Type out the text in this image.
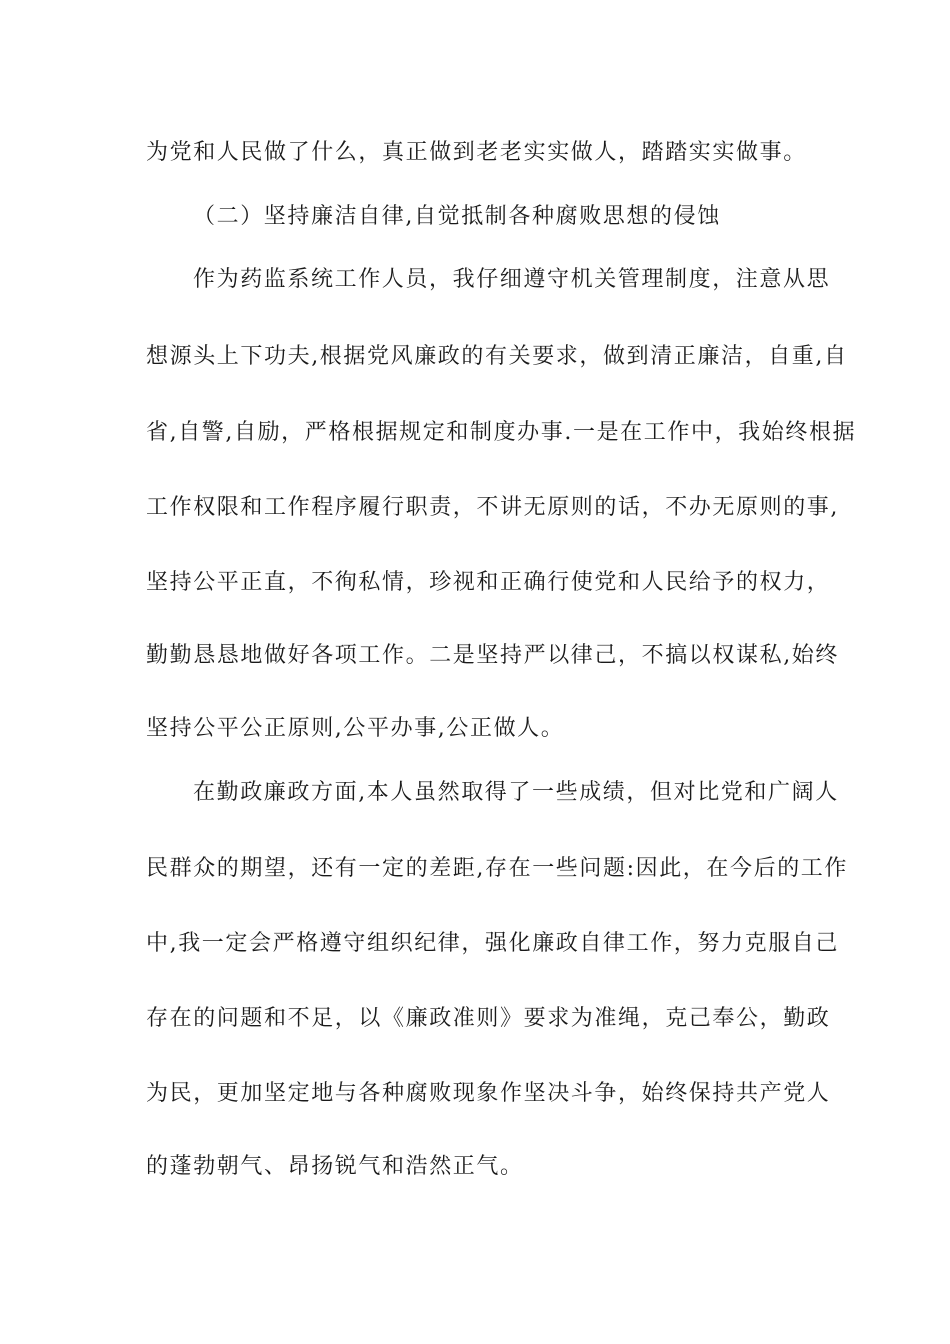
为党和人民做了什么，真正做到老老实实做人，踏踏实实做事。
（二）坚持廉洁自律,自觉抵制各种腐败思想的侵蚀
作为药监系统工作人员，我仔细遵守机关管理制度，注意从思
想源头上下功夫,根据党风廉政的有关要求，做到清正廉洁，自重,自
省,自警,自励，严格根据规定和制度办事.一是在工作中，我始终根据
工作权限和工作程序履行职责，不讲无原则的话，不办无原则的事,
坚持公平正直，不徇私情，珍视和正确行使党和人民给予的权力，
勤勤恳恳地做好各项工作。二是坚持严以律己，不搞以权谋私,始终
坚持公平公正原则,公平办事,公正做人。
在勤政廉政方面,本人虽然取得了一些成绩，但对比党和广阔人
民群众的期望，还有一定的差距,存在一些问题:因此，在今后的工作
中,我一定会严格遵守组织纪律，强化廉政自律工作，努力克服自己
存在的问题和不足，以《廉政准则》要求为准绳，克己奉公，勤政
为民，更加坚定地与各种腐败现象作坚决斗争，始终保持共产党人
的蓬勃朝气、昂扬锐气和浩然正气。
